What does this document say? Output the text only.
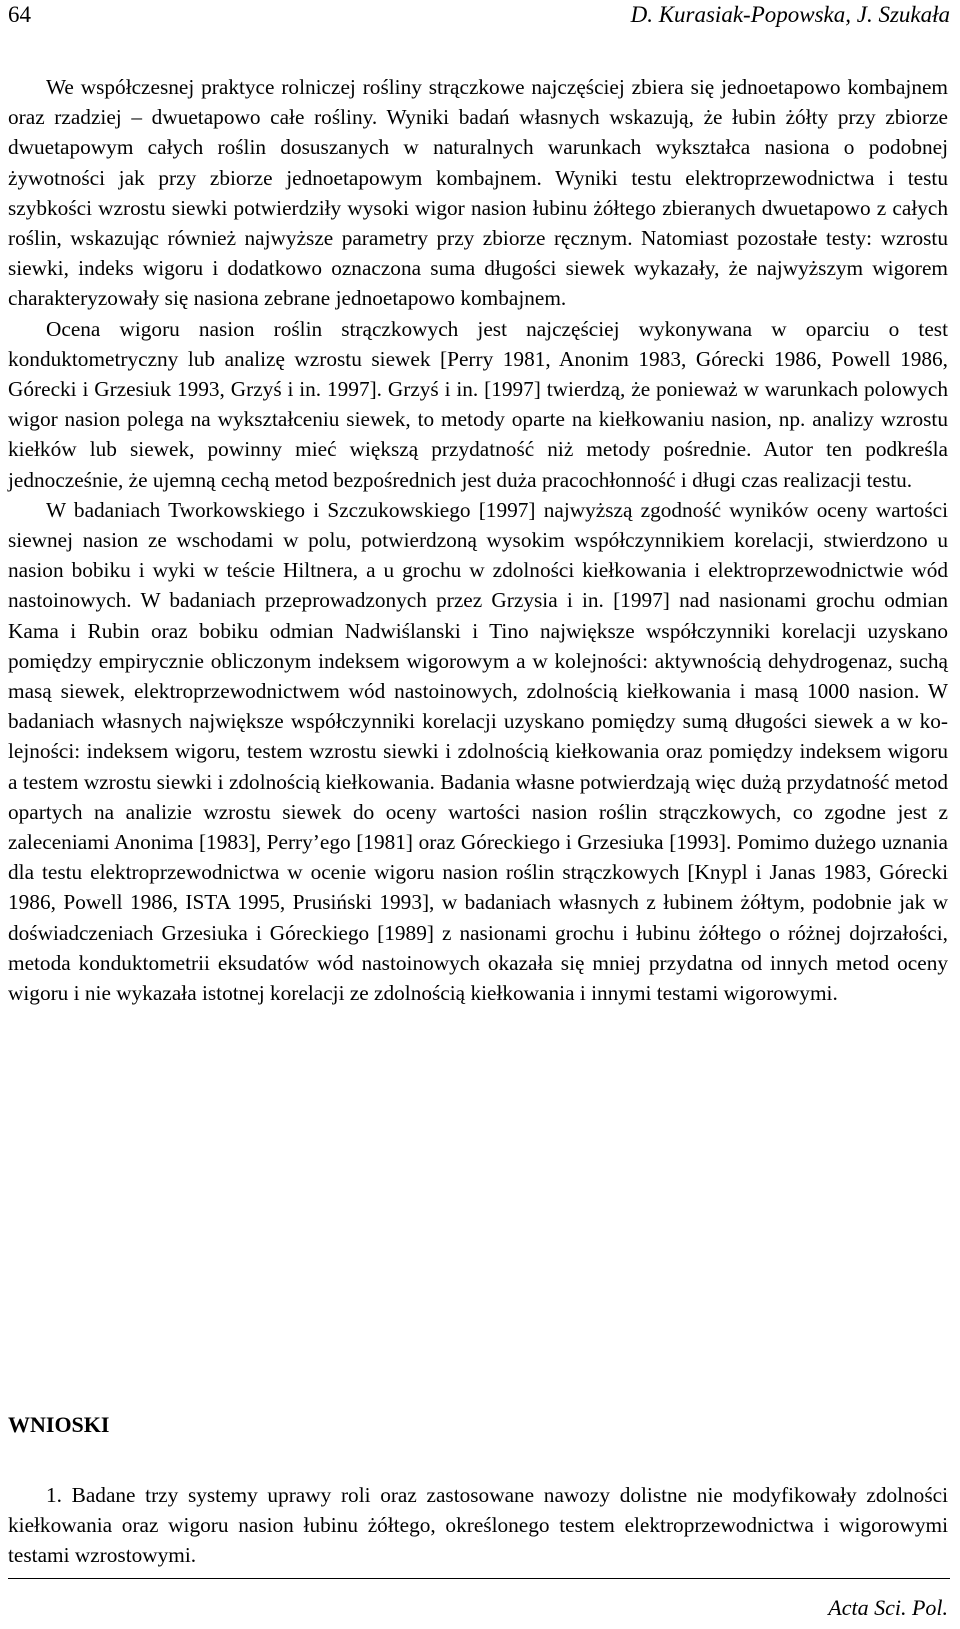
64	D. Kurasiak-Popowska, J. Szukała

We współczesnej praktyce rolniczej rośliny strączkowe najczęściej zbiera się jednoetapowo kombajnem oraz rzadziej – dwuetapowo całe rośliny. Wyniki badań własnych wskazują, że łubin żółty przy zbiorze dwuetapowym całych roślin dosuszanych w naturalnych warunkach wykształca nasiona o podobnej żywotności jak przy zbiorze jednoetapowym kombajnem. Wyniki testu elektroprzewodnictwa i testu szybkości wzrostu siewki potwierdziły wysoki wigor nasion łubinu żółtego zbieranych dwuetapowo z całych roślin, wskazując również najwyższe parametry przy zbiorze ręcznym. Natomiast pozostałe testy: wzrostu siewki, indeks wigoru i dodatkowo oznaczona suma długości siewek wykazały, że najwyższym wigorem charakteryzowały się nasiona zebrane jednoetapowo kombajnem.

Ocena wigoru nasion roślin strączkowych jest najczęściej wykonywana w oparciu o test konduktometryczny lub analizę wzrostu siewek [Perry 1981, Anonim 1983, Górecki 1986, Powell 1986, Górecki i Grzesiuk 1993, Grzyś i in. 1997]. Grzyś i in. [1997] twierdzą, że ponieważ w warunkach polowych wigor nasion polega na wykształceniu siewek, to metody oparte na kiełkowaniu nasion, np. analizy wzrostu kiełków lub siewek, powinny mieć większą przydatność niż metody pośrednie. Autor ten podkreśla jednocześnie, że ujemną cechą metod bezpośrednich jest duża pracochłonność i długi czas realizacji testu.

W badaniach Tworkowskiego i Szczukowskiego [1997] najwyższą zgodność wyników oceny wartości siewnej nasion ze wschodami w polu, potwierdzoną wysokim współczynnikiem korelacji, stwierdzono u nasion bobiku i wyki w teście Hiltnera, a u grochu w zdolności kiełkowania i elektroprzewodnictwie wód nastoinowych. W badaniach przeprowadzonych przez Grzysia i in. [1997] nad nasionami grochu odmian Kama i Rubin oraz bobiku odmian Nadwiślanski i Tino największe współczynniki korelacji uzyskano pomiędzy empirycznie obliczonym indeksem wigorowym a w kolejności: aktywnością dehydrogenaz, suchą masą siewek, elektroprzewodnictwem wód nastoinowych, zdolnością kiełkowania i masą 1000 nasion. W badaniach własnych największe współczynniki korelacji uzyskano pomiędzy sumą długości siewek a w kolejności: indeksem wigoru, testem wzrostu siewki i zdolnością kiełkowania oraz pomiędzy indeksem wigoru a testem wzrostu siewki i zdolnością kiełkowania. Badania własne potwierdzają więc dużą przydatność metod opartych na analizie wzrostu siewek do oceny wartości nasion roślin strączkowych, co zgodne jest z zaleceniami Anonima [1983], Perry’ego [1981] oraz Góreckiego i Grzesiuka [1993]. Pomimo dużego uznania dla testu elektroprzewodnictwa w ocenie wigoru nasion roślin strączkowych [Knypl i Janas 1983, Górecki 1986, Powell 1986, ISTA 1995, Prusiński 1993], w badaniach własnych z łubinem żółtym, podobnie jak w doświadczeniach Grzesiuka i Góreckiego [1989] z nasionami grochu i łubinu żółtego o różnej dojrzałości, metoda konduktometrii eksudatów wód nastoinowych okazała się mniej przydatna od innych metod oceny wigoru i nie wykazała istotnej korelacji ze zdolnością kiełkowania i innymi testami wigorowymi.

WNIOSKI
1. Badane trzy systemy uprawy roli oraz zastosowane nawozy dolistne nie modyfikowały zdolności kiełkowania oraz wigoru nasion łubinu żółtego, określonego testem elektroprzewodnictwa i wigorowymi testami wzrostowymi.
Acta Sci. Pol.
